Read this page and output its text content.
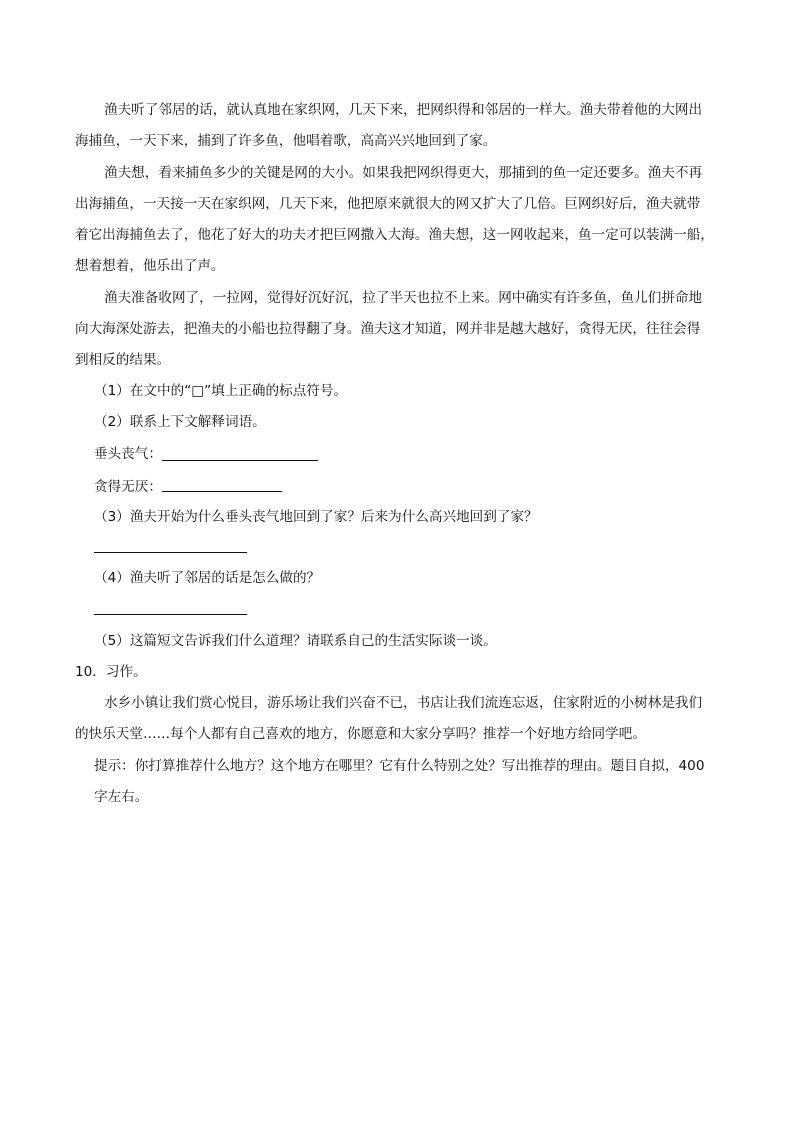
渔夫听了邻居的话，就认真地在家织网，几天下来，把网织得和邻居的一样大。渔夫带着他的大网出
海捕鱼，一天下来，捕到了许多鱼，他唱着歌，高高兴兴地回到了家。
渔夫想，看来捕鱼多少的关键是网的大小。如果我把网织得更大，那捕到的鱼一定还要多。渔夫不再
出海捕鱼，一天接一天在家织网，几天下来，他把原来就很大的网又扩大了几倍。巨网织好后，渔夫就带
着它出海捕鱼去了，他花了好大的功夫才把巨网撒入大海。渔夫想，这一网收起来，鱼一定可以装满一船，
想着想着，他乐出了声。
渔夫准备收网了，一拉网，觉得好沉好沉，拉了半天也拉不上来。网中确实有许多鱼，鱼儿们拼命地
向大海深处游去，把渔夫的小船也拉得翻了身。渔夫这才知道，网并非是越大越好，贪得无厌，往往会得
到相反的结果。
（1）在文中的“□”填上正确的标点符号。
（2）联系上下文解释词语。
垂头丧气：
贪得无厌：
（3）渔夫开始为什么垂头丧气地回到了家？后来为什么高兴地回到了家？
（4）渔夫听了邻居的话是怎么做的？
（5）这篇短文告诉我们什么道理？请联系自己的生活实际谈一谈。
10．习作。
水乡小镇让我们赏心悦目，游乐场让我们兴奋不已，书店让我们流连忘返，住家附近的小树林是我们
的快乐天堂……每个人都有自己喜欢的地方，你愿意和大家分享吗？推荐一个好地方给同学吧。
提示：你打算推荐什么地方？这个地方在哪里？它有什么特别之处？写出推荐的理由。题目自拟，400
字左右。
